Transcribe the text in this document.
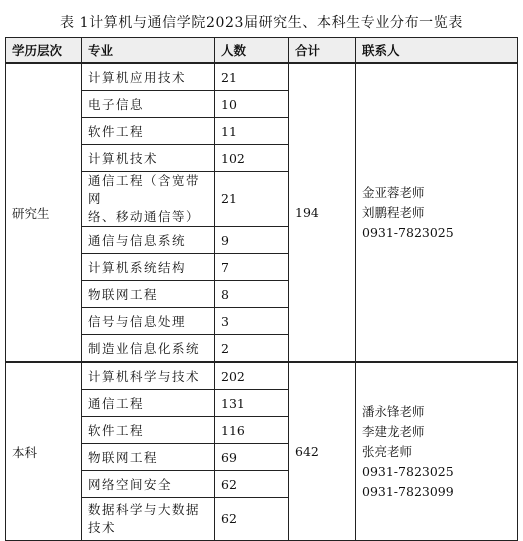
表 1计算机与通信学院2023届研究生、本科生专业分布一览表
学历层次	专业	人数	合计	联系人
研究生	计算机应用技术	21	194	金亚蓉老师
刘鹏程老师
0931-7823025

	电子信息	10		
	软件工程	11		
	计算机技术	102		

	通信工程（含宽带网
络、移动通信等）	21		
	通信与信息系统	9		
	计算机系统结构	7		
	物联网工程	8		
	信号与信息处理	3		
	制造业信息化系统	2		
本科	计算机科学与技术	202	642	潘永锋老师
李建龙老师
张亮老师
0931-7823025
0931-7823099

	通信工程	131		
	软件工程	116		
	物联网工程	69		
	网络空间安全	62		

	数据科学与大数据
技术	62		
